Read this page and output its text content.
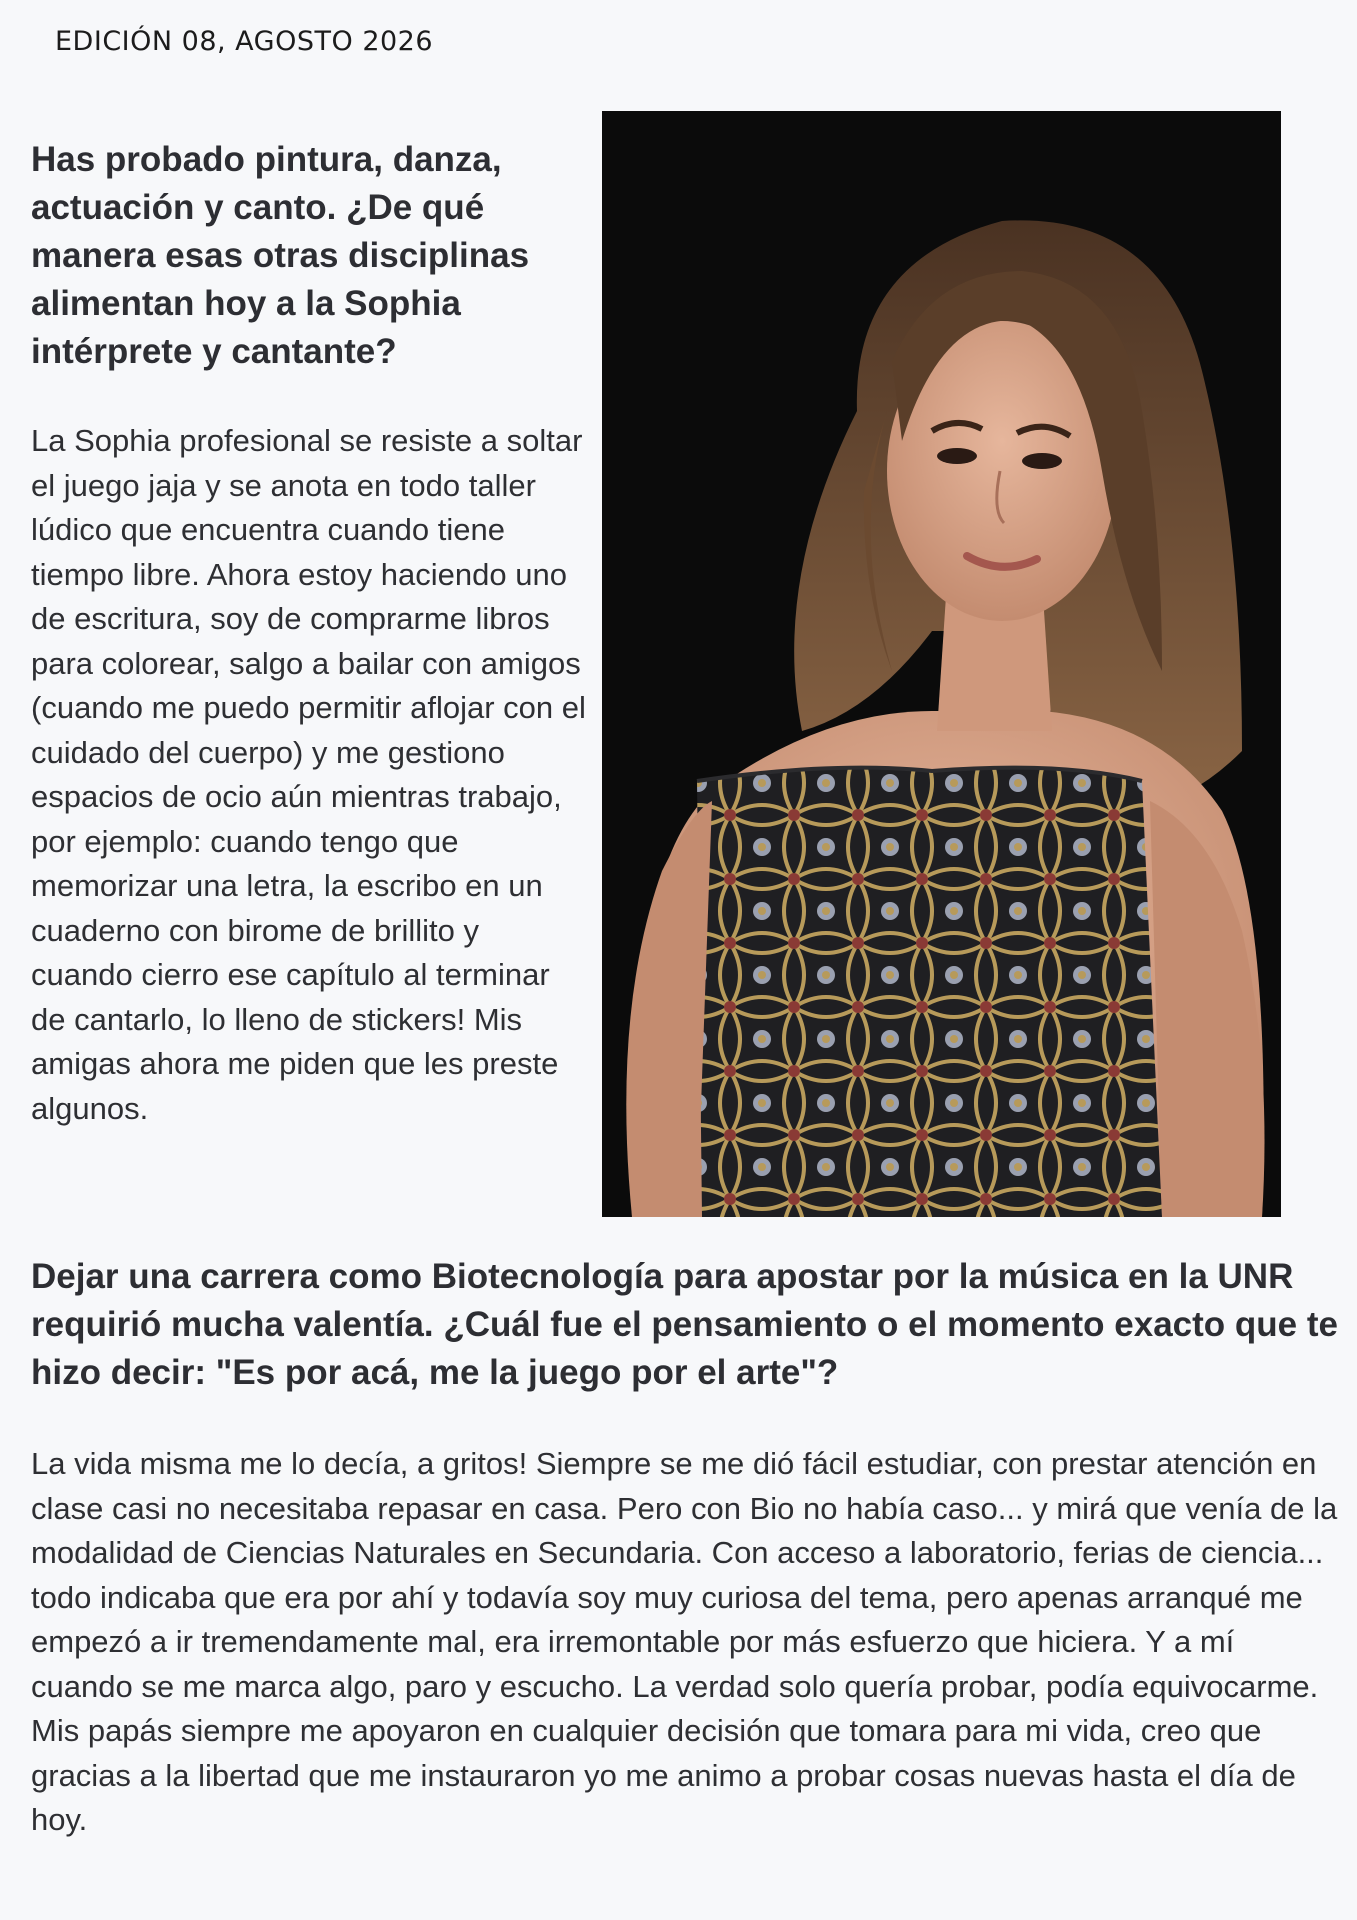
EDICIÓN 08, AGOSTO 2026
Has probado pintura, danza, actuación y canto. ¿De qué manera esas otras disciplinas alimentan hoy a la Sophia intérprete y cantante?

La Sophia profesional se resiste a soltar el juego jaja y se anota en todo taller lúdico que encuentra cuando tiene tiempo libre. Ahora estoy haciendo uno de escritura, soy de comprarme libros para colorear, salgo a bailar con amigos (cuando me puedo permitir aflojar con el cuidado del cuerpo) y me gestiono espacios de ocio aún mientras trabajo, por ejemplo: cuando tengo que memorizar una letra, la escribo en un cuaderno con birome de brillito y cuando cierro ese capítulo al terminar de cantarlo, lo lleno de stickers! Mis amigas ahora me piden que les preste algunos.

Dejar una carrera como Biotecnología para apostar por la música en la UNR requirió mucha valentía. ¿Cuál fue el pensamiento o el momento exacto que te hizo decir: "Es por acá, me la juego por el arte"?

La vida misma me lo decía, a gritos! Siempre se me dió fácil estudiar, con prestar atención en clase casi no necesitaba repasar en casa. Pero con Bio no había caso... y mirá que venía de la modalidad de Ciencias Naturales en Secundaria. Con acceso a laboratorio, ferias de ciencia... todo indicaba que era por ahí y todavía soy muy curiosa del tema, pero apenas arranqué me empezó a ir tremendamente mal, era irremontable por más esfuerzo que hiciera. Y a mí cuando se me marca algo, paro y escucho. La verdad solo quería probar, podía equivocarme. Mis papás siempre me apoyaron en cualquier decisión que tomara para mi vida, creo que gracias a la libertad que me instauraron yo me animo a probar cosas nuevas hasta el día de hoy.
